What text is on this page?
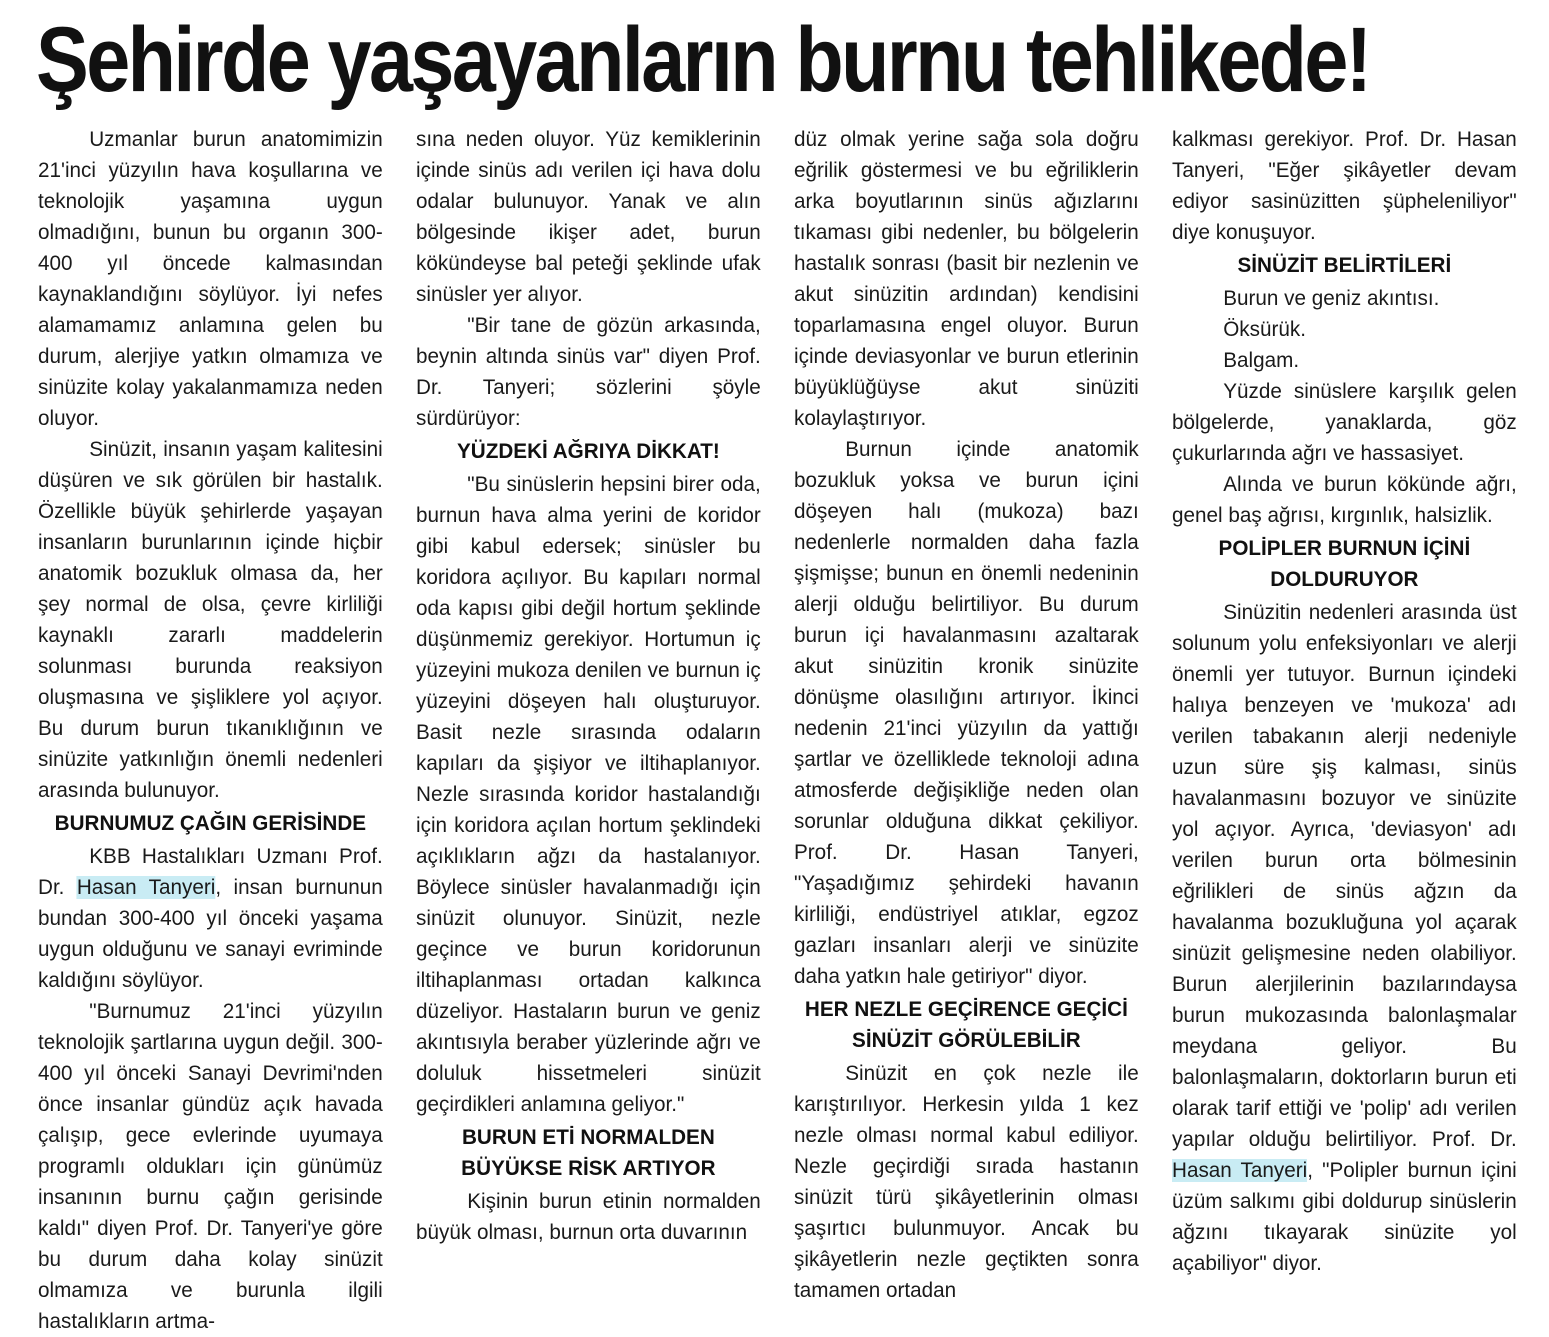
Şehirde yaşayanların burnu tehlikede!

Uzmanlar burun anatomimizin 21'inci yüzyılın hava koşullarına ve teknolojik yaşamına uygun olmadığını, bunun bu organın 300-400 yıl öncede kalmasından kaynaklandığını söylüyor. İyi nefes alamamamız anlamına gelen bu durum, alerjiye yatkın olmamıza ve sinüzite kolay yakalanmamıza neden oluyor.

Sinüzit, insanın yaşam kalitesini düşüren ve sık görülen bir hastalık. Özellikle büyük şehirlerde yaşayan insanların burunlarının içinde hiçbir anatomik bozukluk olmasa da, her şey normal de olsa, çevre kirliliği kaynaklı zararlı maddelerin solunması burunda reaksiyon oluşmasına ve şişliklere yol açıyor. Bu durum burun tıkanıklığının ve sinüzite yatkınlığın önemli nedenleri arasında bulunuyor.

BURNUMUZ ÇAĞIN GERİSİNDE

KBB Hastalıkları Uzmanı Prof. Dr. Hasan Tanyeri, insan burnunun bundan 300-400 yıl önceki yaşama uygun olduğunu ve sanayi evriminde kaldığını söylüyor.

"Burnumuz 21'inci yüzyılın teknolojik şartlarına uygun değil. 300-400 yıl önceki Sanayi Devrimi'nden önce insanlar gündüz açık havada çalışıp, gece evlerinde uyumaya programlı oldukları için günümüz insanının burnu çağın gerisinde kaldı" diyen Prof. Dr. Tanyeri'ye göre bu durum daha kolay sinüzit olmamıza ve burunla ilgili hastalıkların artma-

sına neden oluyor. Yüz kemiklerinin içinde sinüs adı verilen içi hava dolu odalar bulunuyor. Yanak ve alın bölgesinde ikişer adet, burun kökündeyse bal peteği şeklinde ufak sinüsler yer alıyor.

"Bir tane de gözün arkasında, beynin altında sinüs var" diyen Prof. Dr. Tanyeri; sözlerini şöyle sürdürüyor:

YÜZDEKİ AĞRIYA DİKKAT!

"Bu sinüslerin hepsini birer oda, burnun hava alma yerini de koridor gibi kabul edersek; sinüsler bu koridora açılıyor. Bu kapıları normal oda kapısı gibi değil hortum şeklinde düşünmemiz gerekiyor. Hortumun iç yüzeyini mukoza denilen ve burnun iç yüzeyini döşeyen halı oluşturuyor. Basit nezle sırasında odaların kapıları da şişiyor ve iltihaplanıyor. Nezle sırasında koridor hastalandığı için koridora açılan hortum şeklindeki açıklıkların ağzı da hastalanıyor. Böylece sinüsler havalanmadığı için sinüzit olunuyor. Sinüzit, nezle geçince ve burun koridorunun iltihaplanması ortadan kalkınca düzeliyor. Hastaların burun ve geniz akıntısıyla beraber yüzlerinde ağrı ve doluluk hissetmeleri sinüzit geçirdikleri anlamına geliyor."

BURUN ETİ NORMALDEN
BÜYÜKSE RİSK ARTIYOR

Kişinin burun etinin normalden büyük olması, burnun orta duvarının

düz olmak yerine sağa sola doğru eğrilik göstermesi ve bu eğriliklerin arka boyutlarının sinüs ağızlarını tıkaması gibi nedenler, bu bölgelerin hastalık sonrası (basit bir nezlenin ve akut sinüzitin ardından) kendisini toparlamasına engel oluyor. Burun içinde deviasyonlar ve burun etlerinin büyüklüğüyse akut sinüziti kolaylaştırıyor.

Burnun içinde anatomik bozukluk yoksa ve burun içini döşeyen halı (mukoza) bazı nedenlerle normalden daha fazla şişmişse; bunun en önemli nedeninin alerji olduğu belirtiliyor. Bu durum burun içi havalanmasını azaltarak akut sinüzitin kronik sinüzite dönüşme olasılığını artırıyor. İkinci nedenin 21'inci yüzyılın da yattığı şartlar ve özelliklede teknoloji adına atmosferde değişikliğe neden olan sorunlar olduğuna dikkat çekiliyor. Prof. Dr. Hasan Tanyeri, "Yaşadığımız şehirdeki havanın kirliliği, endüstriyel atıklar, egzoz gazları insanları alerji ve sinüzite daha yatkın hale getiriyor" diyor.

HER NEZLE GEÇİRENCE GEÇİCİ
SİNÜZİT GÖRÜLEBİLİR

Sinüzit en çok nezle ile karıştırılıyor. Herkesin yılda 1 kez nezle olması normal kabul ediliyor. Nezle geçirdiği sırada hastanın sinüzit türü şikâyetlerinin olması şaşırtıcı bulunmuyor. Ancak bu şikâyetlerin nezle geçtikten sonra tamamen ortadan

kalkması gerekiyor. Prof. Dr. Hasan Tanyeri, "Eğer şikâyetler devam ediyor sasinüzitten şüpheleniliyor" diye konuşuyor.

SİNÜZİT BELİRTİLERİ

Burun ve geniz akıntısı.

Öksürük.

Balgam.

Yüzde sinüslere karşılık gelen bölgelerde, yanaklarda, göz çukurlarında ağrı ve hassasiyet.

Alında ve burun kökünde ağrı, genel baş ağrısı, kırgınlık, halsizlik.

POLİPLER BURNUN İÇİNİ
DOLDURUYOR

Sinüzitin nedenleri arasında üst solunum yolu enfeksiyonları ve alerji önemli yer tutuyor. Burnun içindeki halıya benzeyen ve 'mukoza' adı verilen tabakanın alerji nedeniyle uzun süre şiş kalması, sinüs havalanmasını bozuyor ve sinüzite yol açıyor. Ayrıca, 'deviasyon' adı verilen burun orta bölmesinin eğrilikleri de sinüs ağzın da havalanma bozukluğuna yol açarak sinüzit gelişmesine neden olabiliyor. Burun alerjilerinin bazılarındaysa burun mukozasında balonlaşmalar meydana geliyor. Bu balonlaşmaların, doktorların burun eti olarak tarif ettiği ve 'polip' adı verilen yapılar olduğu belirtiliyor. Prof. Dr. Hasan Tanyeri, "Polipler burnun içini üzüm salkımı gibi doldurup sinüslerin ağzını tıkayarak sinüzite yol açabiliyor" diyor.
